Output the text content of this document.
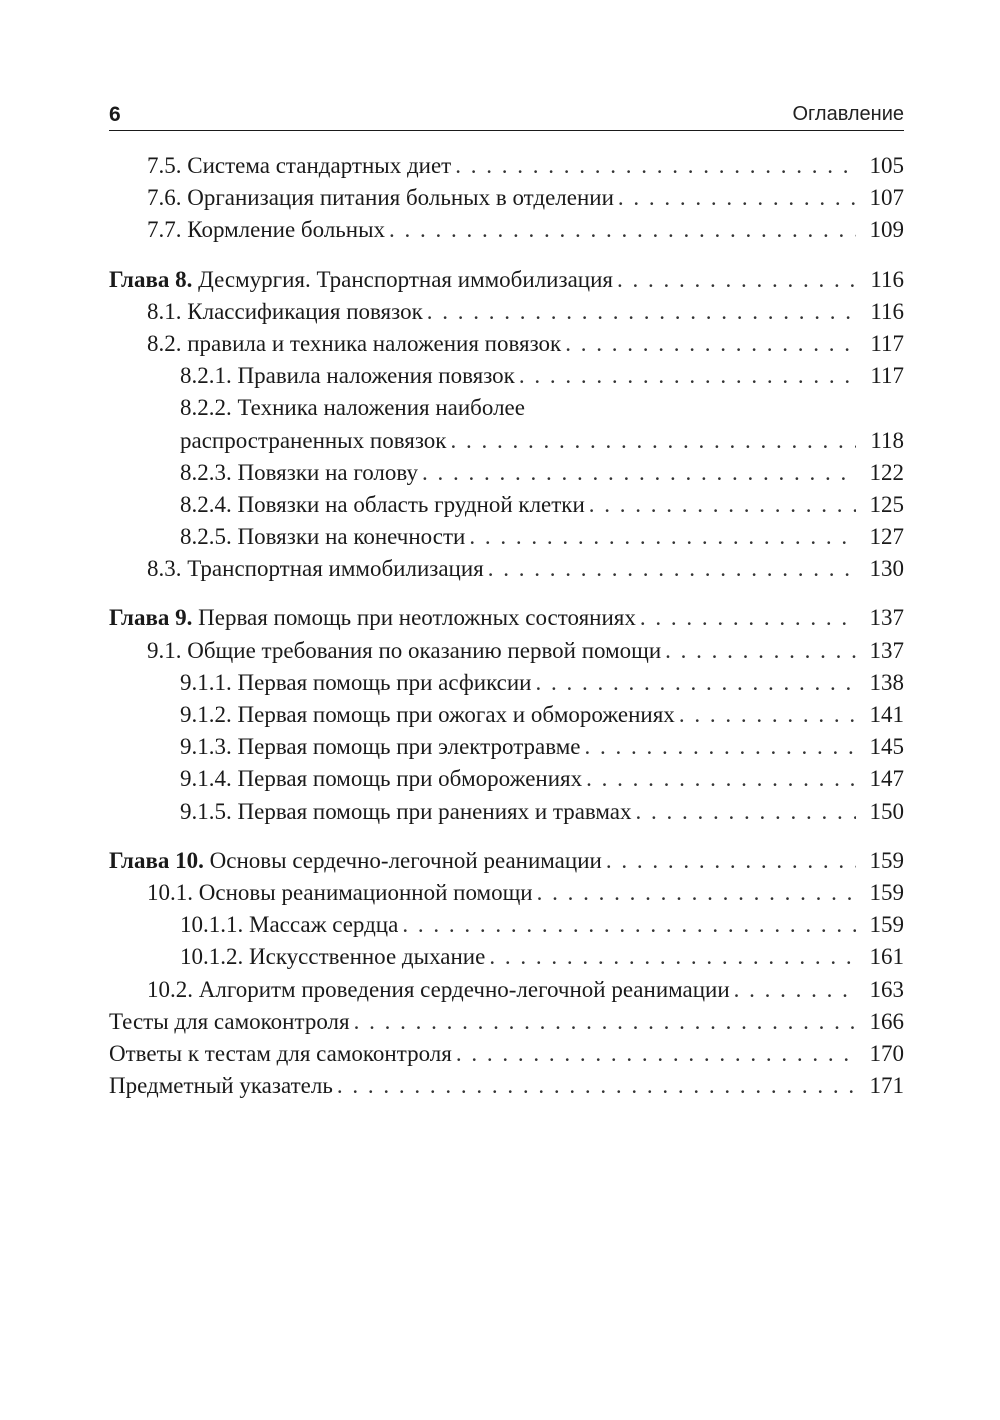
6	Оглавление
7.5. Система стандартных диет . . .	105
7.6. Организация питания больных в отделении . . .	107
7.7. Кормление больных . . .	109
Глава 8. Десмургия. Транспортная иммобилизация . . .	116
8.1. Классификация повязок . . .	116
8.2. правила и техника наложения повязок . . .	117
8.2.1. Правила наложения повязок . . .	117
8.2.2. Техника наложения наиболее
распространенных повязок . . .	118
8.2.3. Повязки на голову . . .	122
8.2.4. Повязки на область грудной клетки . . .	125
8.2.5. Повязки на конечности . . .	127
8.3. Транспортная иммобилизация . . .	130
Глава 9. Первая помощь при неотложных состояниях . . .	137
9.1. Общие требования по оказанию первой помощи . . .	137
9.1.1. Первая помощь при асфиксии . . .	138
9.1.2. Первая помощь при ожогах и обморожениях . . .	141
9.1.3. Первая помощь при электротравме . . .	145
9.1.4. Первая помощь при обморожениях . . .	147
9.1.5. Первая помощь при ранениях и травмах . . .	150
Глава 10. Основы сердечно-легочной реанимации . . .	159
10.1. Основы реанимационной помощи . . .	159
10.1.1. Массаж сердца . . .	159
10.1.2. Искусственное дыхание . . .	161
10.2. Алгоритм проведения сердечно-легочной реанимации . . .	163
Тесты для самоконтроля . . .	166
Ответы к тестам для самоконтроля . . .	170
Предметный указатель . . .	171
